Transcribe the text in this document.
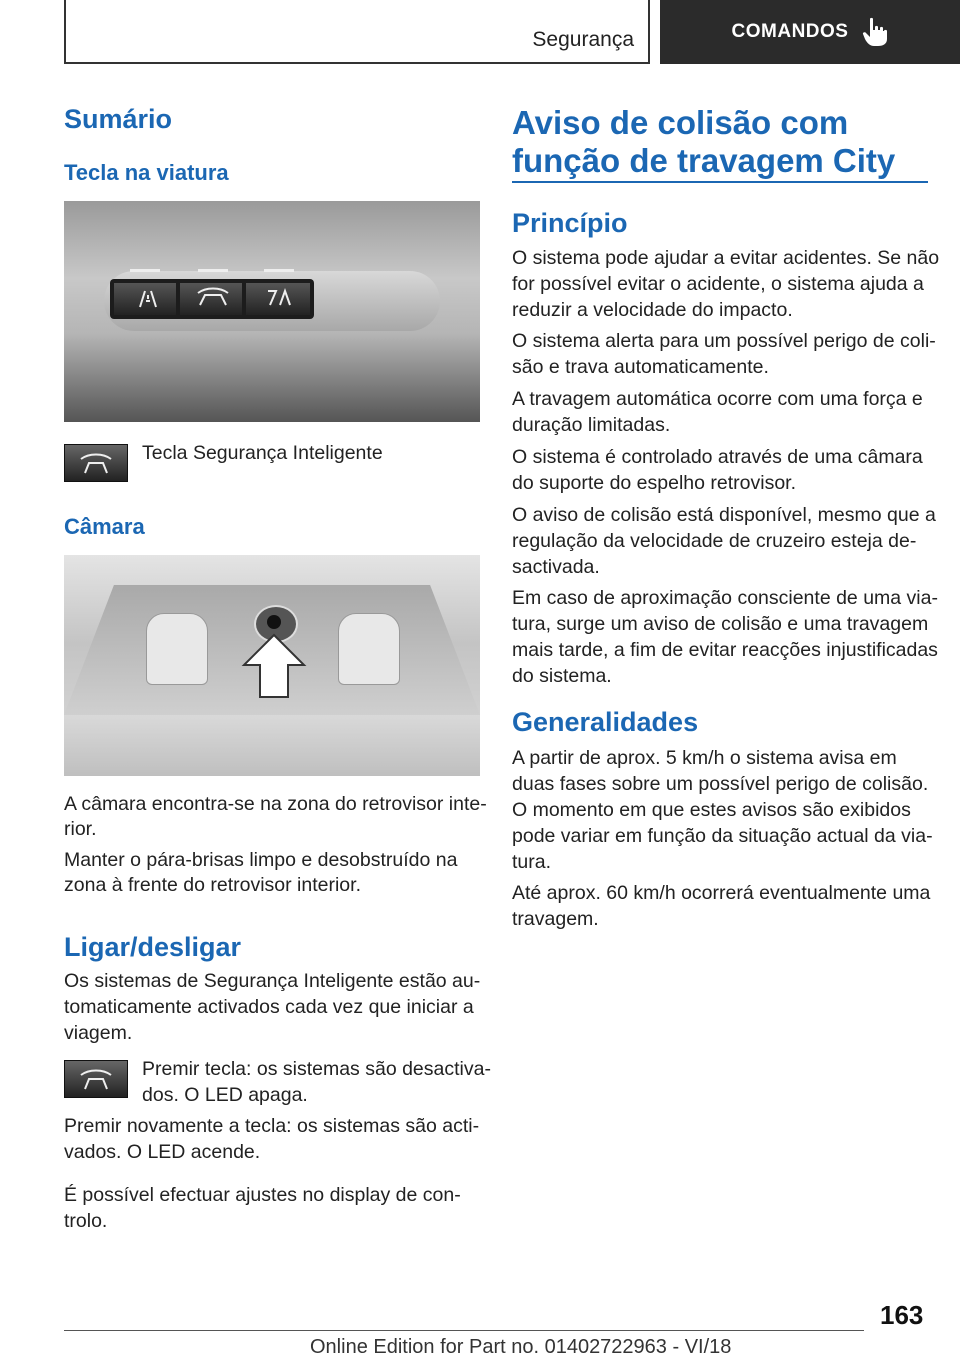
Segurança	COMANDOS
Sumário
Tecla na viatura
Tecla Segurança Inteligente
Câmara
A câmara encontra-se na zona do retrovisor inte‐
rior.
Manter o pára-brisas limpo e desobstruído na
zona à frente do retrovisor interior.
Ligar/desligar
Os sistemas de Segurança Inteligente estão au‐
tomaticamente activados cada vez que iniciar a
viagem.
Premir tecla: os sistemas são desactiva‐
dos. O LED apaga.
Premir novamente a tecla: os sistemas são acti‐
vados. O LED acende.
É possível efectuar ajustes no display de con‐
trolo.
Aviso de colisão com
função de travagem City
Princípio
O sistema pode ajudar a evitar acidentes. Se não
for possível evitar o acidente, o sistema ajuda a
reduzir a velocidade do impacto.
O sistema alerta para um possível perigo de coli‐
são e trava automaticamente.
A travagem automática ocorre com uma força e
duração limitadas.
O sistema é controlado através de uma câmara
do suporte do espelho retrovisor.
O aviso de colisão está disponível, mesmo que a
regulação da velocidade de cruzeiro esteja de‐
sactivada.
Em caso de aproximação consciente de uma via‐
tura, surge um aviso de colisão e uma travagem
mais tarde, a fim de evitar reacções injustificadas
do sistema.
Generalidades
A partir de aprox. 5 km/h o sistema avisa em
duas fases sobre um possível perigo de colisão.
O momento em que estes avisos são exibidos
pode variar em função da situação actual da via‐
tura.
Até aprox. 60 km/h ocorrerá eventualmente uma
travagem.
163
Online Edition for Part no. 01402722963 - VI/18
